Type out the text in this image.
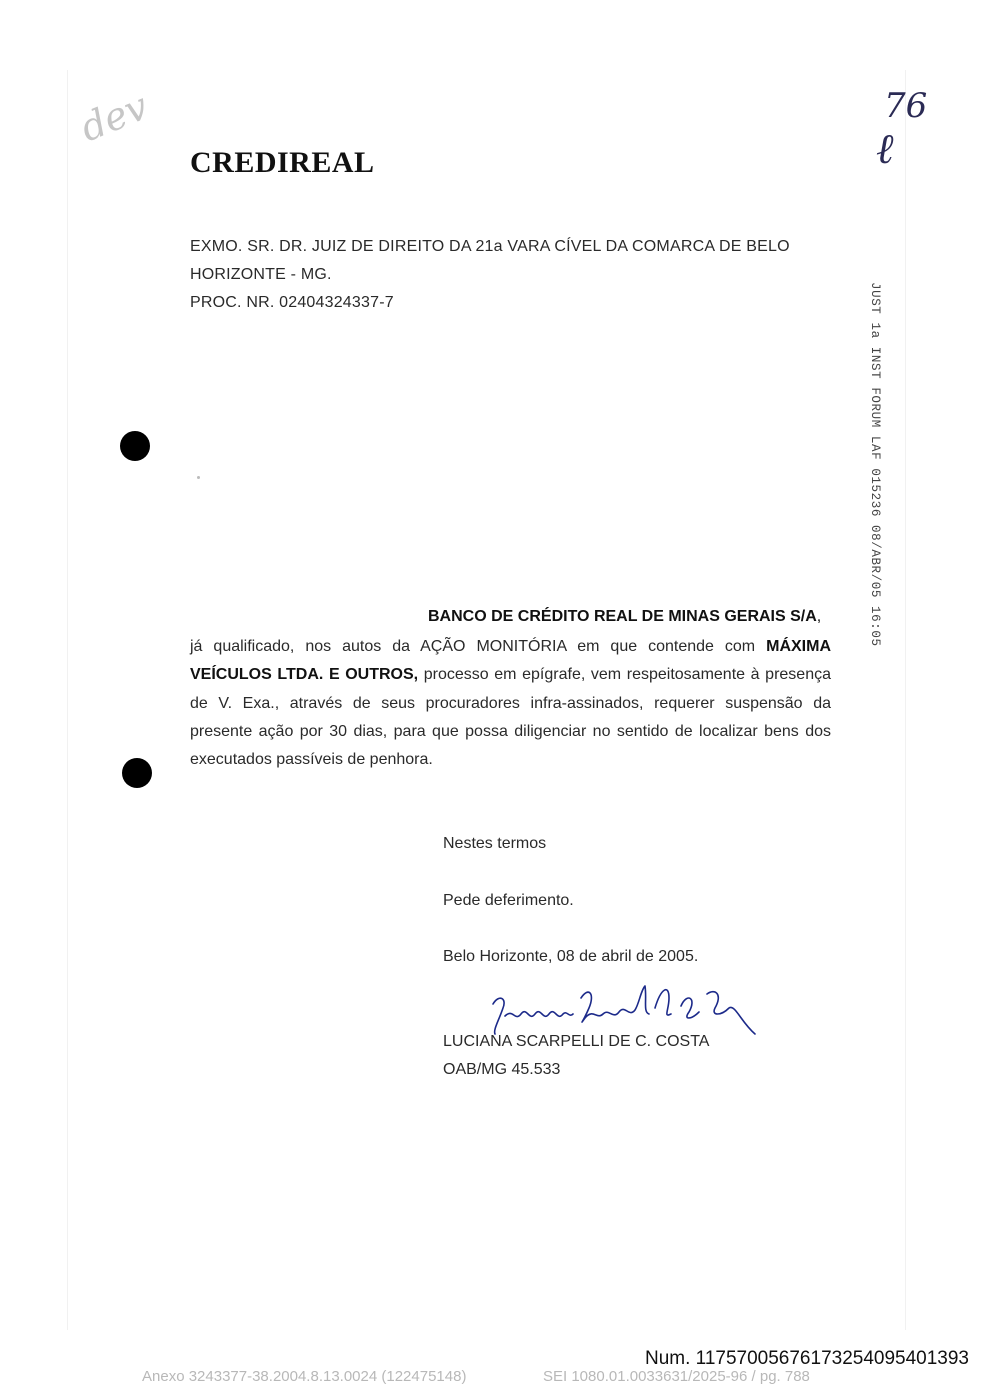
dev	76
ℓ
CREDIREAL
EXMO. SR. DR. JUIZ DE DIREITO DA 21a VARA CÍVEL DA COMARCA DE BELO
HORIZONTE - MG.
PROC. NR. 02404324337-7	JUST 1a INST FORUM LAF 015236 08/ABR/05 16:05
BANCO DE CRÉDITO REAL DE MINAS GERAIS S/A,
já qualificado, nos autos da AÇÃO MONITÓRIA em que contende com MÁXIMA VEÍCULOS LTDA. E OUTROS, processo em epígrafe, vem respeitosamente à presença de V. Exa., através de seus procuradores infra-assinados, requerer suspensão da presente ação por 30 dias, para que possa diligenciar no sentido de localizar bens dos executados passíveis de penhora.
Nestes termos
Pede deferimento.
Belo Horizonte, 08 de abril de 2005.
LUCIANA SCARPELLI DE C. COSTA
OAB/MG 45.533
Num. 11757005676173254095401393
Anexo 3243377-38.2004.8.13.0024 (122475148)	SEI 1080.01.0033631/2025-96 / pg. 788
